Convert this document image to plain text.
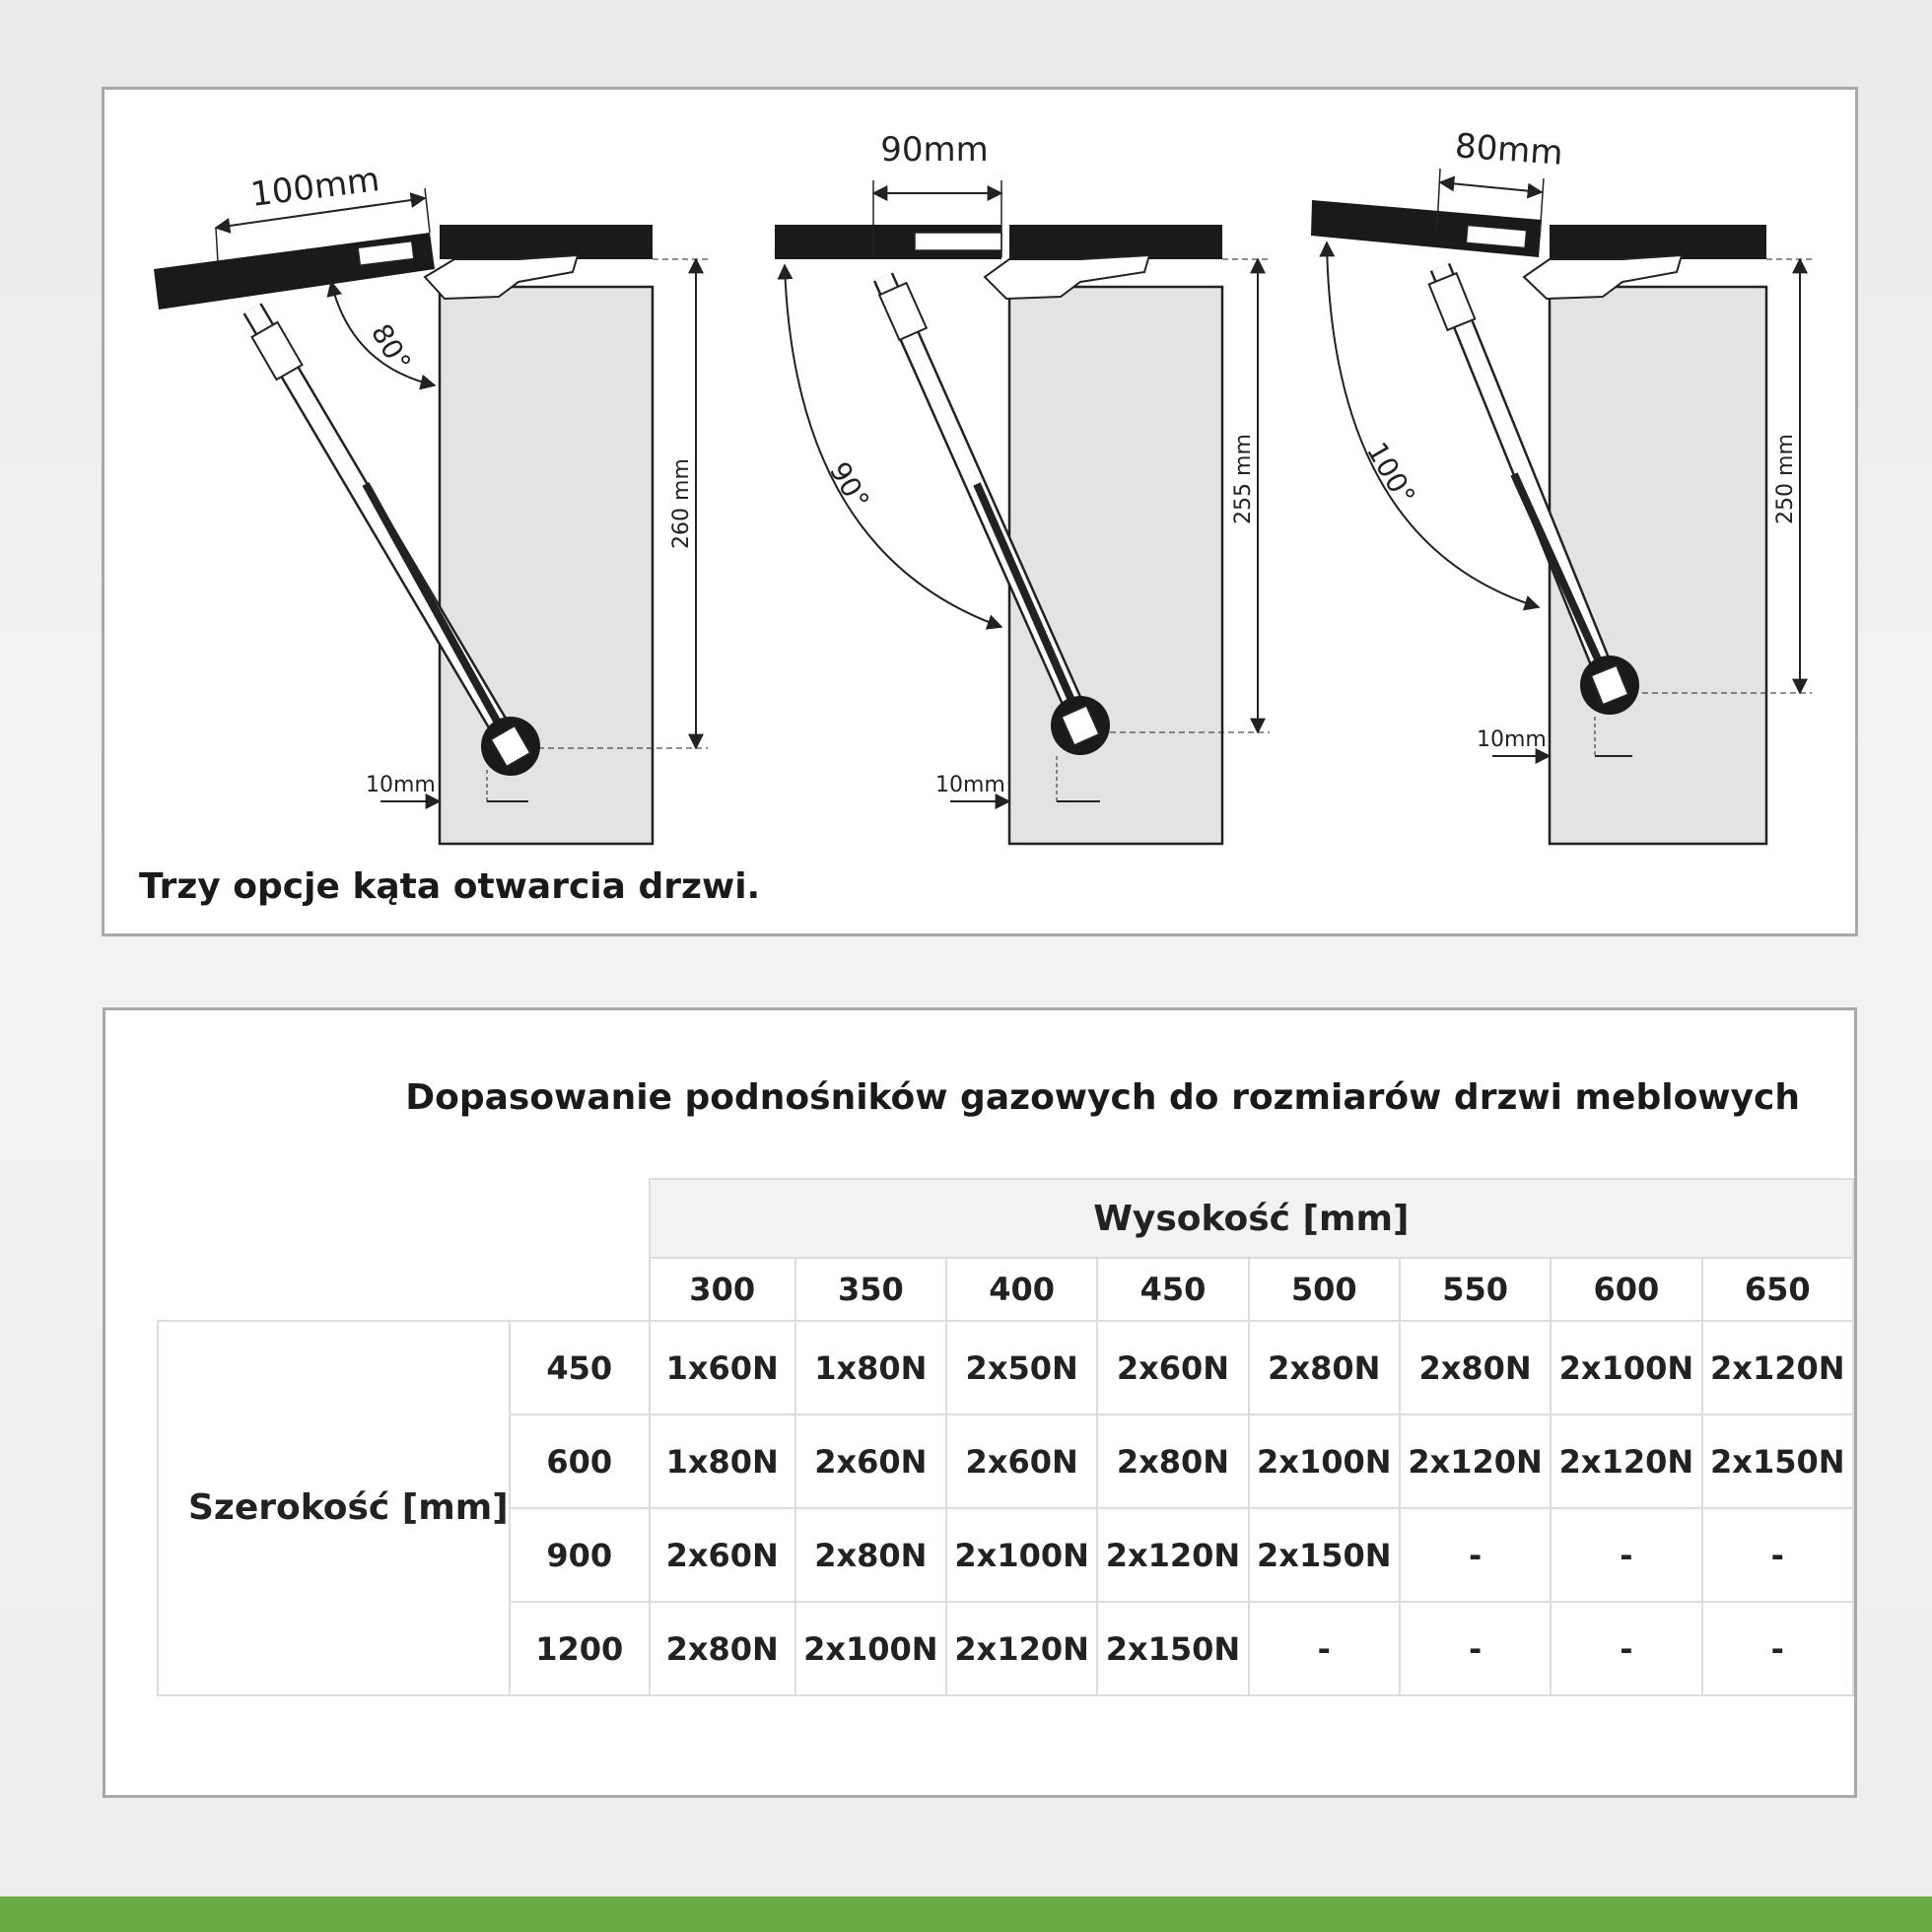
100mm
80°
260 mm
10mm
90mm
90°	255 mm
10mm
80mm
100°	250 mm
10mm
Trzy opcje kąta otwarcia drzwi.
Dopasowanie podnośników gazowych do rozmiarów drzwi meblowych
		Wysokość [mm]							
		300	350	400	450	500	550	600	650
Szerokość [mm]	450	1x60N	1x80N	2x50N	2x60N	2x80N	2x80N	2x100N	2x120N
	600	1x80N	2x60N	2x60N	2x80N	2x100N	2x120N	2x120N	2x150N
	900	2x60N	2x80N	2x100N	2x120N	2x150N	-	-	-
	1200	2x80N	2x100N	2x120N	2x150N	-	-	-	-
